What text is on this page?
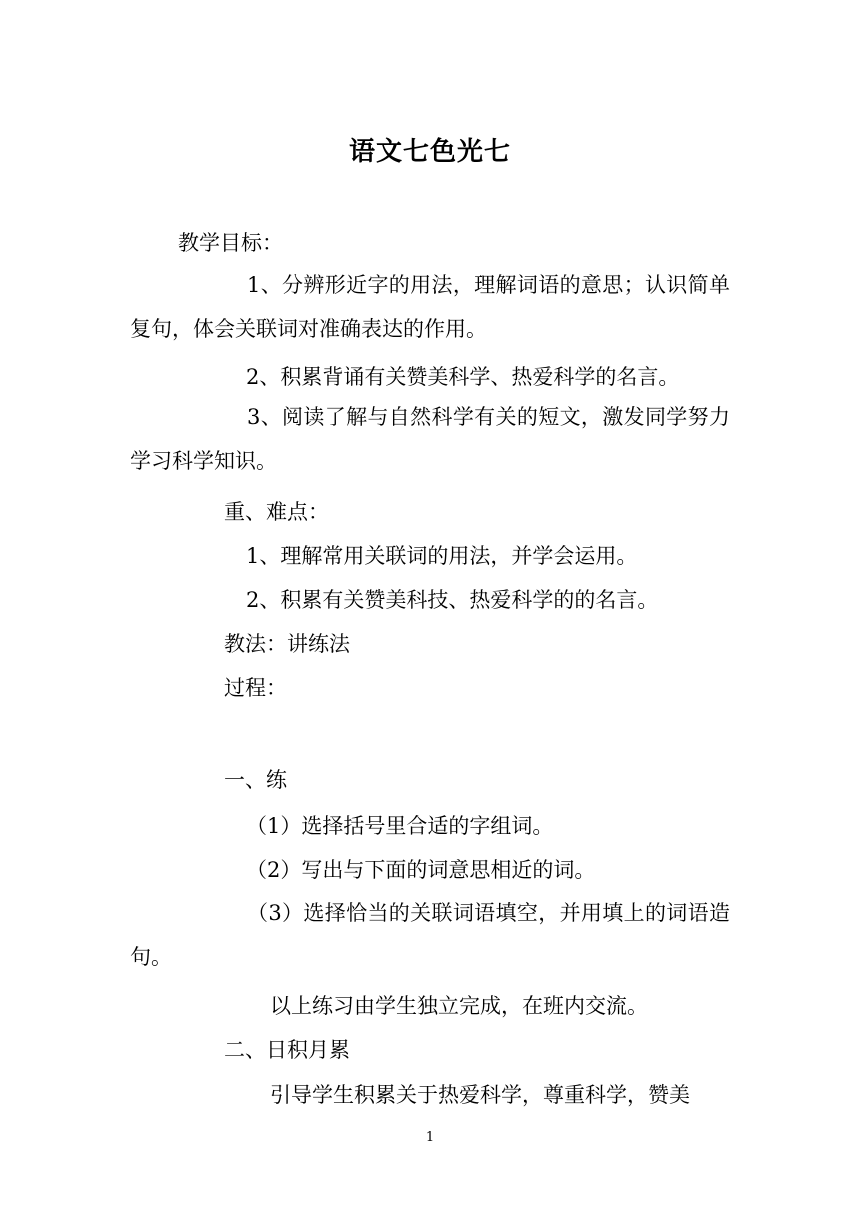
语文七色光七
教学目标：
1、分辨形近字的用法，理解词语的意思；认识简单复句，体会关联词对准确表达的作用。
2、积累背诵有关赞美科学、热爱科学的名言。
3、阅读了解与自然科学有关的短文，激发同学努力学习科学知识。
重、难点：
1、理解常用关联词的用法，并学会运用。
2、积累有关赞美科技、热爱科学的的名言。
教法：讲练法
过程：
一、练
（1）选择括号里合适的字组词。
（2）写出与下面的词意思相近的词。
（3）选择恰当的关联词语填空，并用填上的词语造句。
以上练习由学生独立完成，在班内交流。
二、日积月累
引导学生积累关于热爱科学，尊重科学，赞美
1
